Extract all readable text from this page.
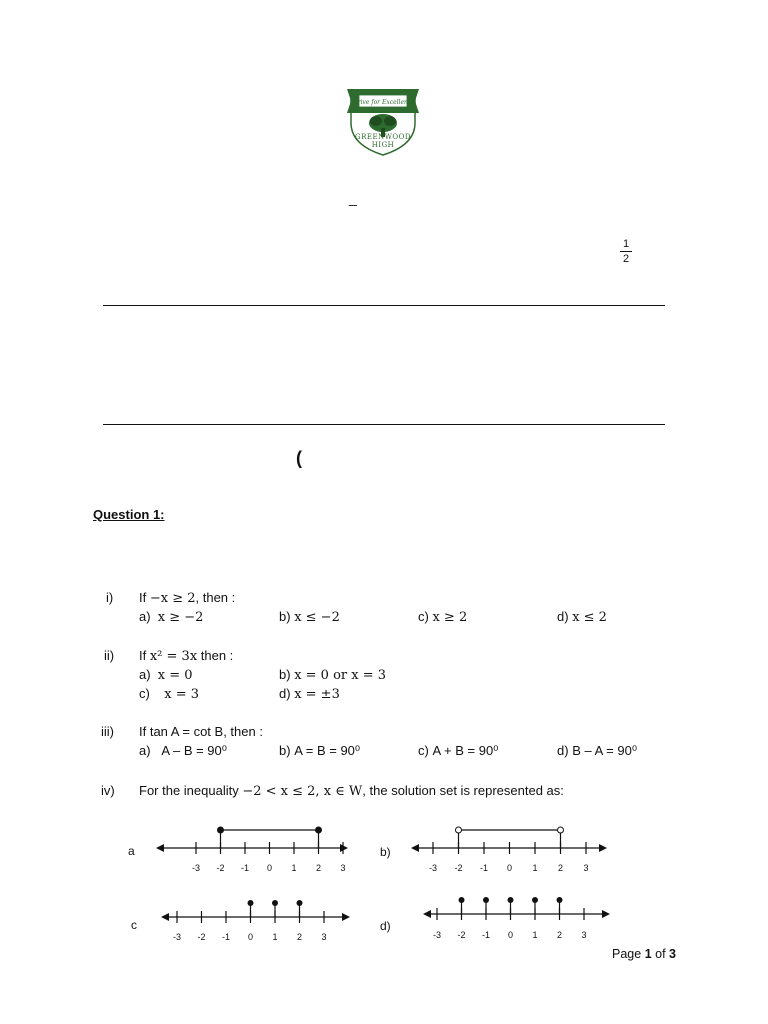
Strive for Excellence
GREENWOOD HIGH
_
1
2
(
Question 1:
i) If −x ≥ 2, then :
a) x ≥ −2	b) x ≤ −2	c) x ≥ 2	d) x ≤ 2
ii) If x² = 3x then :
a) x = 0	b) x = 0 or x = 3
c) x = 3	d) x = ±3
iii) If tan A = cot B, then :
a) A – B = 90⁰	b) A = B = 90⁰	c) A + B = 90⁰	d) B – A = 90⁰
iv) For the inequality −2 < x ≤ 2, x ∈ W, the solution set is represented as:
a	b)
c	d)
-3 -2 -1 0 1 2 3	-3 -2 -1 0 1 2 3
-3 -2 -1 0 1 2 3	-3 -2 -1 0 1 2 3
Page 1 of 3
